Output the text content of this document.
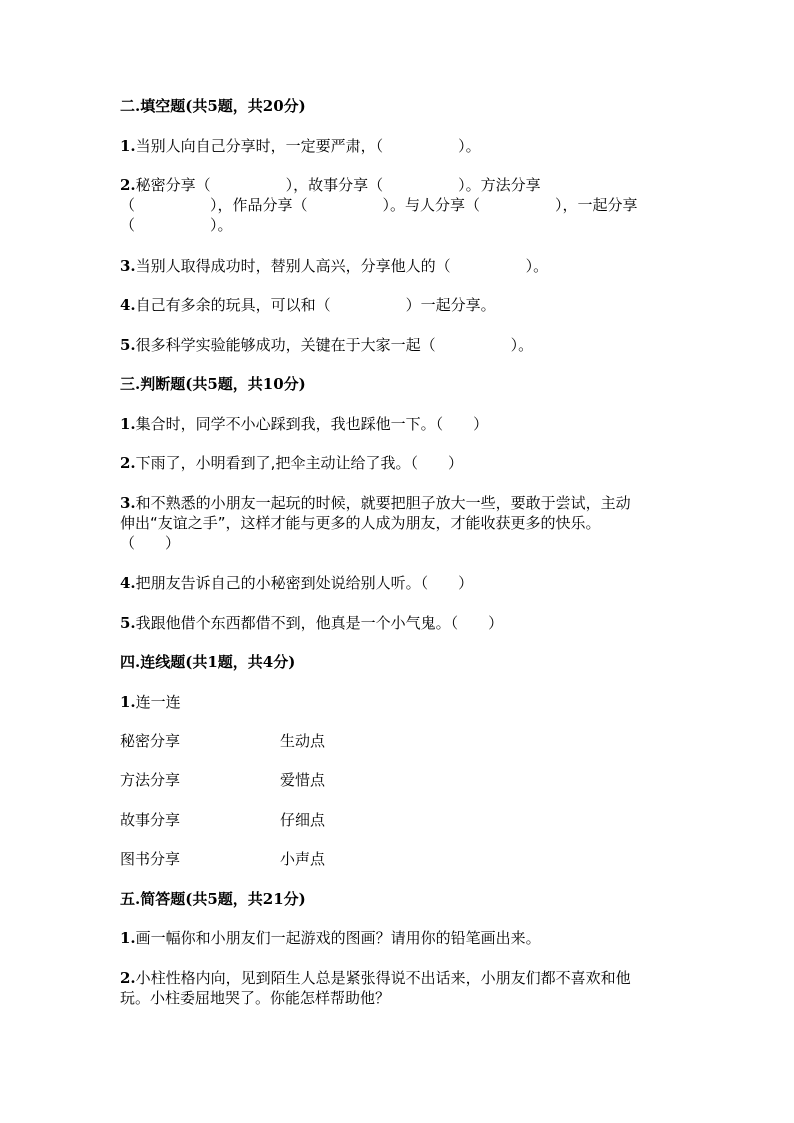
二.填空题(共5题，共20分)

1.当别人向自己分享时，一定要严肃，（　　　　　）。

2.秘密分享（　　　　　），故事分享（　　　　　）。方法分享
（　　　　　），作品分享（　　　　　）。与人分享（　　　　　），一起分享
（　　　　　）。

3.当别人取得成功时，替别人高兴，分享他人的（　　　　　）。

4.自己有多余的玩具，可以和（　　　　　）一起分享。

5.很多科学实验能够成功，关键在于大家一起（　　　　　）。

三.判断题(共5题，共10分)

1.集合时，同学不小心踩到我，我也踩他一下。（　　）

2.下雨了，小明看到了,把伞主动让给了我。（　　）

3.和不熟悉的小朋友一起玩的时候，就要把胆子放大一些，要敢于尝试，主动
伸出“友谊之手”，这样才能与更多的人成为朋友，才能收获更多的快乐。
（　　）

4.把朋友告诉自己的小秘密到处说给别人听。（　　）

5.我跟他借个东西都借不到，他真是一个小气鬼。（　　）

四.连线题(共1题，共4分)

1.连一连

秘密分享	生动点
方法分享	爱惜点
故事分享	仔细点
图书分享	小声点

五.简答题(共5题，共21分)

1.画一幅你和小朋友们一起游戏的图画？请用你的铅笔画出来。

2.小柱性格内向，见到陌生人总是紧张得说不出话来，小朋友们都不喜欢和他
玩。小柱委屈地哭了。你能怎样帮助他？
